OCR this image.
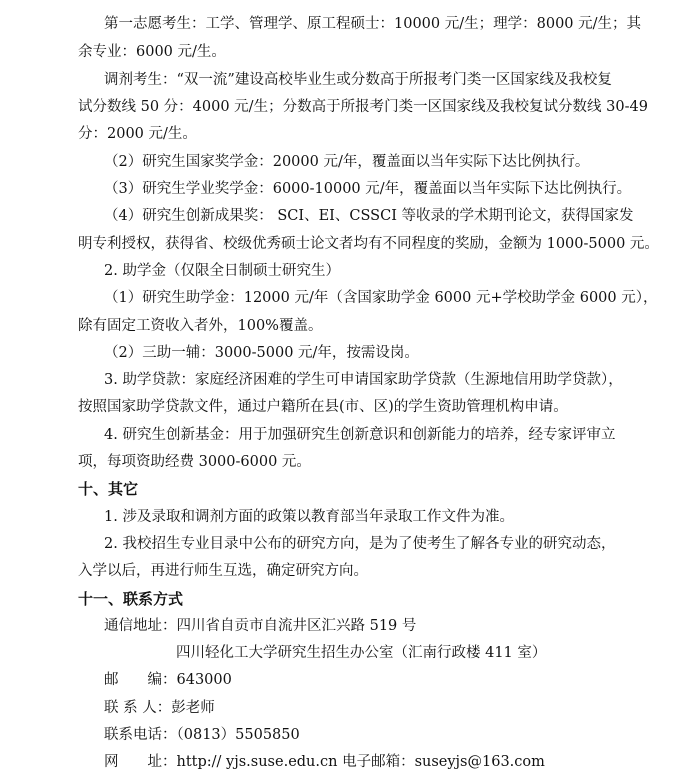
第一志愿考生：工学、管理学、原工程硕士：10000 元/生；理学：8000 元/生；其
余专业：6000 元/生。
调剂考生：“双一流”建设高校毕业生或分数高于所报考门类一区国家线及我校复
试分数线 50 分：4000 元/生；分数高于所报考门类一区国家线及我校复试分数线 30-49
分：2000 元/生。
（2）研究生国家奖学金：20000 元/年，覆盖面以当年实际下达比例执行。
（3）研究生学业奖学金：6000-10000 元/年，覆盖面以当年实际下达比例执行。
（4）研究生创新成果奖： SCI、EI、CSSCI 等收录的学术期刊论文，获得国家发
明专利授权，获得省、校级优秀硕士论文者均有不同程度的奖励，金额为 1000-5000 元。
2. 助学金（仅限全日制硕士研究生）
（1）研究生助学金：12000 元/年（含国家助学金 6000 元+学校助学金 6000 元），
除有固定工资收入者外，100%覆盖。
（2）三助一辅：3000-5000 元/年，按需设岗。
3. 助学贷款：家庭经济困难的学生可申请国家助学贷款（生源地信用助学贷款），
按照国家助学贷款文件，通过户籍所在县(市、区)的学生资助管理机构申请。
4. 研究生创新基金：用于加强研究生创新意识和创新能力的培养，经专家评审立
项，每项资助经费 3000-6000 元。
十、其它
1. 涉及录取和调剂方面的政策以教育部当年录取工作文件为准。
2. 我校招生专业目录中公布的研究方向，是为了使考生了解各专业的研究动态，
入学以后，再进行师生互选，确定研究方向。
十一、联系方式
通信地址：四川省自贡市自流井区汇兴路 519 号
四川轻化工大学研究生招生办公室（汇南行政楼 411 室）
邮　　编：643000
联 系 人：彭老师
联系电话：（0813）5505850
网　　址：http:// yjs.suse.edu.cn 电子邮箱：suseyjs@163.com
